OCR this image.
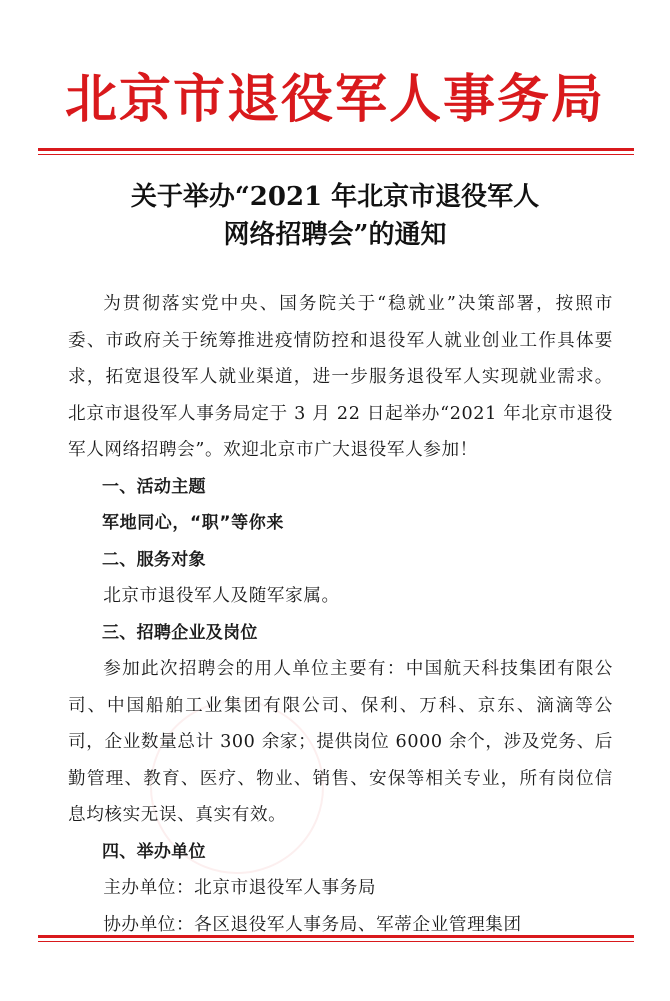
北京市退役军人事务局
关于举办“2021 年北京市退役军人
网络招聘会”的通知

为贯彻落实党中央、国务院关于“稳就业”决策部署，按照市委、市政府关于统筹推进疫情防控和退役军人就业创业工作具体要求，拓宽退役军人就业渠道，进一步服务退役军人实现就业需求。北京市退役军人事务局定于 3 月 22 日起举办“2021 年北京市退役军人网络招聘会”。欢迎北京市广大退役军人参加！

一、活动主题

军地同心，“职”等你来

二、服务对象

北京市退役军人及随军家属。

三、招聘企业及岗位

参加此次招聘会的用人单位主要有：中国航天科技集团有限公司、中国船舶工业集团有限公司、保利、万科、京东、滴滴等公司，企业数量总计 300 余家；提供岗位 6000 余个，涉及党务、后勤管理、教育、医疗、物业、销售、安保等相关专业，所有岗位信息均核实无误、真实有效。

四、举办单位

主办单位：北京市退役军人事务局

协办单位：各区退役军人事务局、军蒂企业管理集团
